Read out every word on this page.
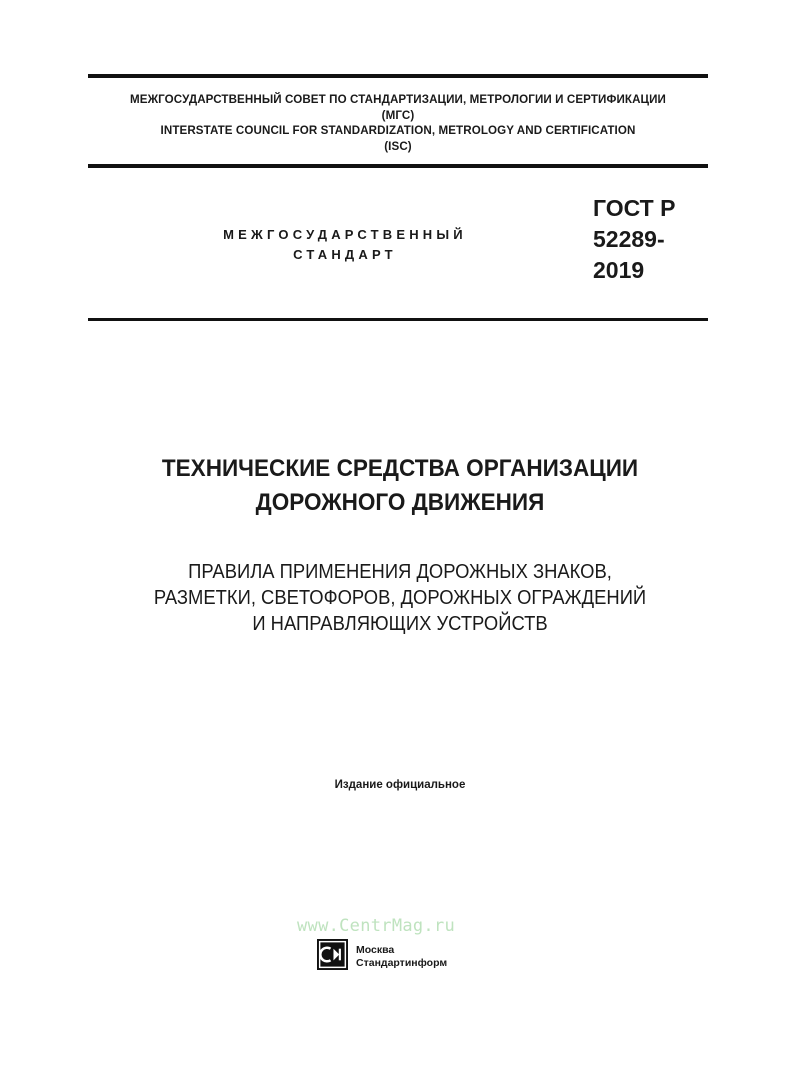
МЕЖГОСУДАРСТВЕННЫЙ СОВЕТ ПО СТАНДАРТИЗАЦИИ, МЕТРОЛОГИИ И СЕРТИФИКАЦИИ
(МГС)
INTERSTATE COUNCIL FOR STANDARDIZATION, METROLOGY AND CERTIFICATION
(ISC)
МЕЖГОСУДАРСТВЕННЫЙ
СТАНДАРТ
ГОСТ Р
52289-
2019
ТЕХНИЧЕСКИЕ СРЕДСТВА ОРГАНИЗАЦИИ
ДОРОЖНОГО ДВИЖЕНИЯ
ПРАВИЛА ПРИМЕНЕНИЯ ДОРОЖНЫХ ЗНАКОВ,
РАЗМЕТКИ, СВЕТОФОРОВ, ДОРОЖНЫХ ОГРАЖДЕНИЙ
И НАПРАВЛЯЮЩИХ УСТРОЙСТВ
Издание официальное
www.CentrMag.ru
Москва
Стандартинформ
